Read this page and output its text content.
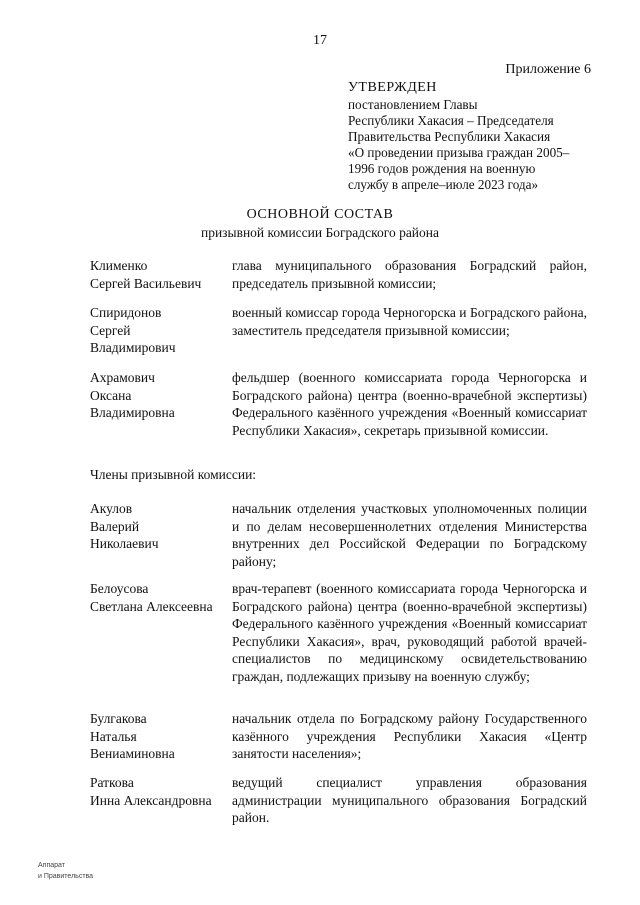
17
Приложение 6
УТВЕРЖДЕН
постановлением Главы
Республики Хакасия – Председателя
Правительства Республики Хакасия
«О проведении призыва граждан 2005–
1996 годов рождения на военную
службу в апреле–июле 2023 года»
ОСНОВНОЙ СОСТАВ
призывной комиссии Боградского района
Клименко
Сергей Васильевич
глава муниципального образования Боградский район, председатель призывной комиссии;
Спиридонов
Сергей
Владимирович
военный комиссар города Черногорска и Боградского района, заместитель председателя призывной комиссии;
Ахрамович
Оксана
Владимировна
фельдшер (военного комиссариата города Черногорска и Боградского района) центра (военно-врачебной экспертизы) Федерального казённого учреждения «Военный комиссариат Республики Хакасия», секретарь призывной комиссии.
Члены призывной комиссии:
Акулов
Валерий
Николаевич
начальник отделения участковых уполномоченных полиции и по делам несовершеннолетних отделения Министерства внутренних дел Российской Федерации по Боградскому району;
Белоусова
Светлана Алексеевна
врач-терапевт (военного комиссариата города Черногорска и Боградского района) центра (военно-врачебной экспертизы) Федерального казённого учреждения «Военный комиссариат Республики Хакасия», врач, руководящий работой врачей-специалистов по медицинскому освидетельствованию граждан, подлежащих призыву на военную службу;
Булгакова
Наталья
Вениаминовна
начальник отдела по Боградскому району Государственного казённого учреждения Республики Хакасия «Центр занятости населения»;
Раткова
Инна Александровна
ведущий специалист управления образования администрации муниципального образования Боградский район.
Аппарат
и Правительства
